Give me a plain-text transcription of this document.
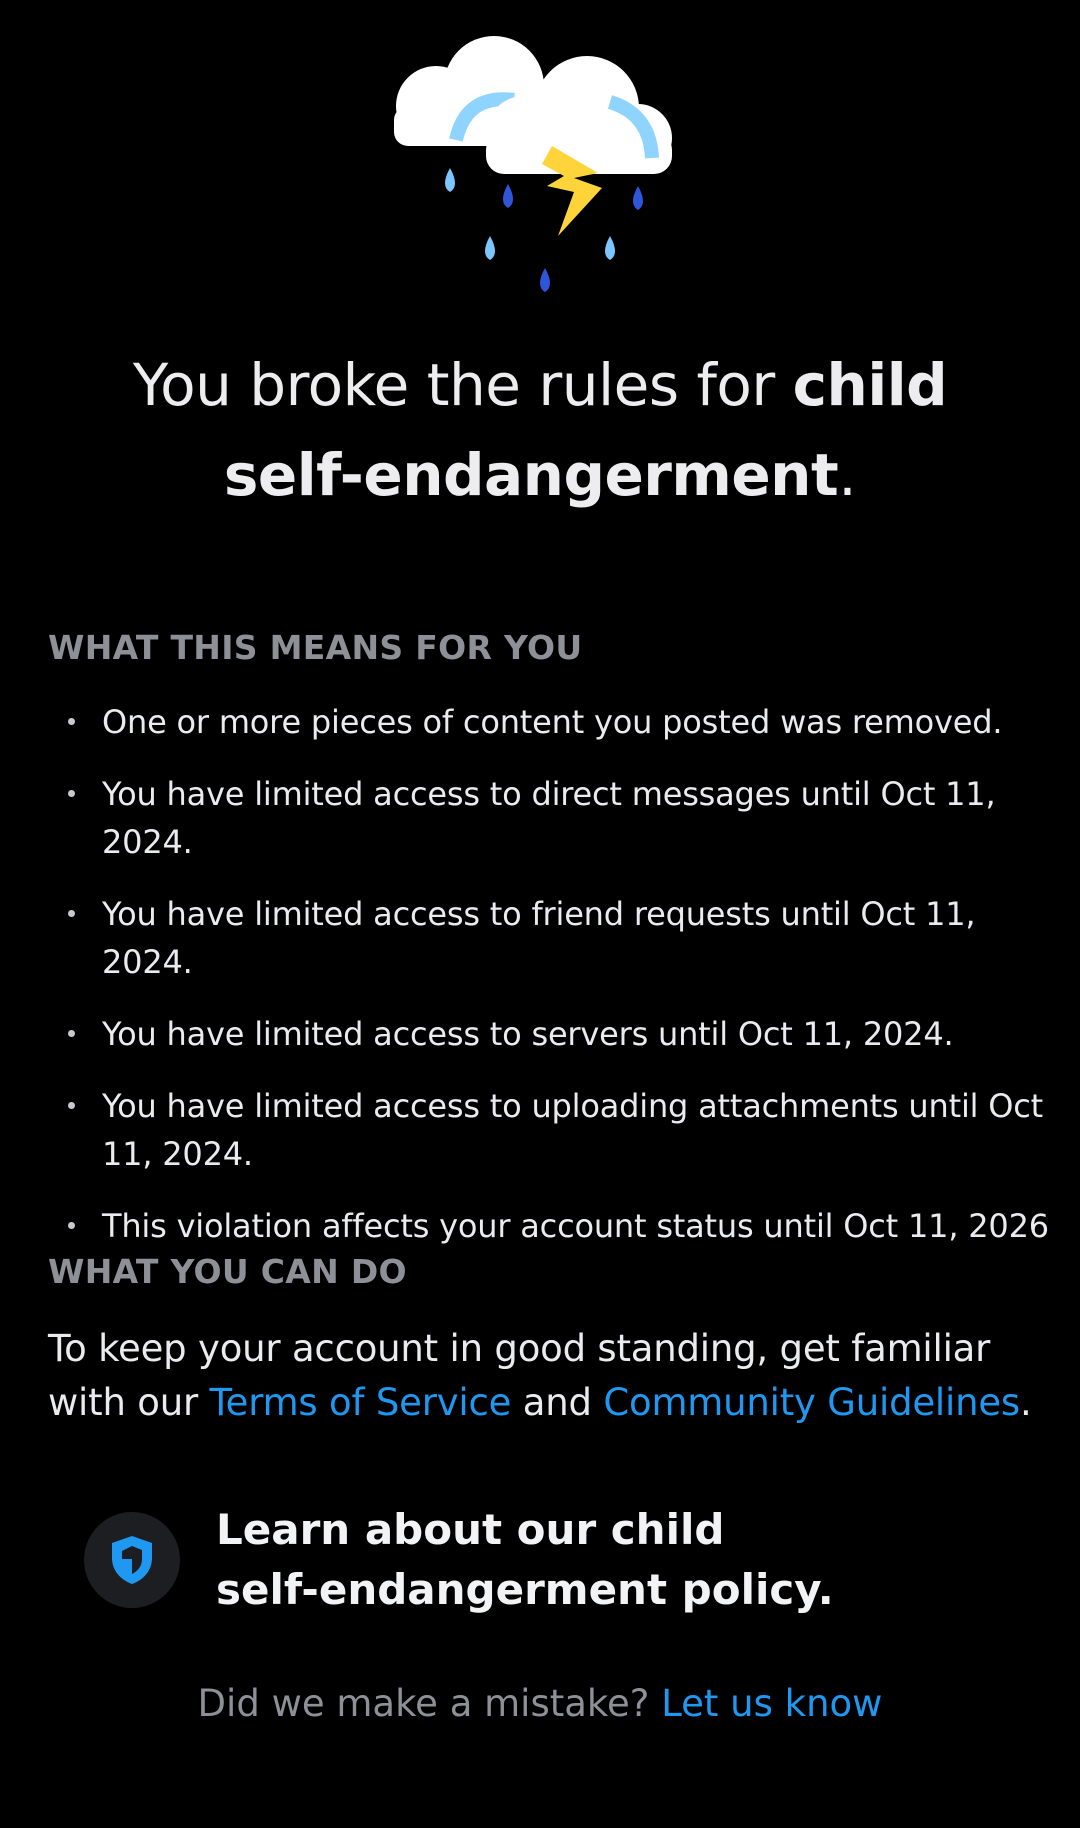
You broke the rules for child
self-endangerment.
WHAT THIS MEANS FOR YOU
One or more pieces of content you posted was removed.
You have limited access to direct messages until Oct 11, 2024.
You have limited access to friend requests until Oct 11, 2024.
You have limited access to servers until Oct 11, 2024.
You have limited access to uploading attachments until Oct 11, 2024.
This violation affects your account status until Oct 11, 2026
WHAT YOU CAN DO
To keep your account in good standing, get familiar with our Terms of Service and Community Guidelines.
Learn about our child
self-endangerment policy.
Did we make a mistake? Let us know
